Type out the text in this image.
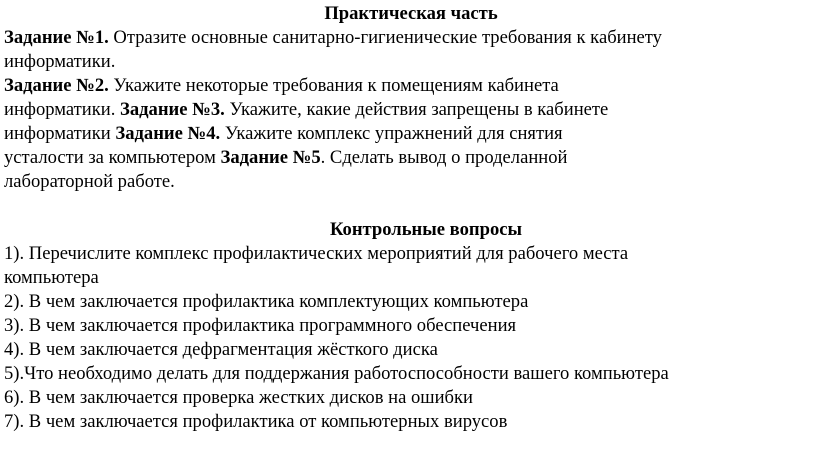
Практическая часть
Задание №1. Отразите основные санитарно-гигиенические требования к кабинету
информатики.
Задание №2. Укажите некоторые требования к помещениям кабинета
информатики. Задание №3. Укажите, какие действия запрещены в кабинете
информатики Задание №4. Укажите комплекс упражнений для снятия
усталости за компьютером Задание №5. Сделать вывод о проделанной
лабораторной работе.
Контрольные вопросы
1). Перечислите комплекс профилактических мероприятий для рабочего места
компьютера
2). В чем заключается профилактика комплектующих компьютера
3). В чем заключается профилактика программного обеспечения
4). В чем заключается дефрагментация жёсткого диска
5).Что необходимо делать для поддержания работоспособности вашего компьютера
6). В чем заключается проверка жестких дисков на ошибки
7). В чем заключается профилактика от компьютерных вирусов
